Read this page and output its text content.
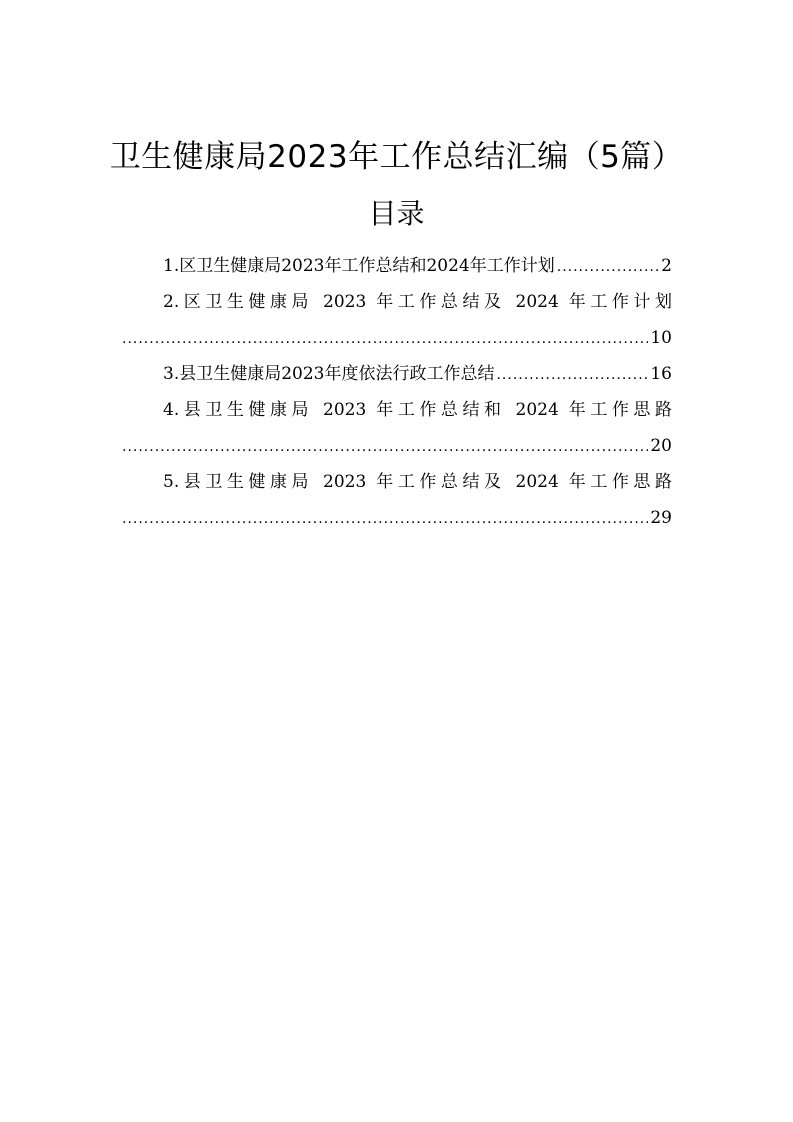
卫生健康局2023年工作总结汇编（5篇）
目录
1.区卫生健康局2023年工作总结和2024年工作计划 .....	2
2.区卫生健康局 2023 年工作总结及 2024 年工作计划
.....
10
3.县卫生健康局2023年度依法行政工作总结 .....	16
4.县卫生健康局 2023 年工作总结和 2024 年工作思路
.....
20
5.县卫生健康局 2023 年工作总结及 2024 年工作思路
.....
29
